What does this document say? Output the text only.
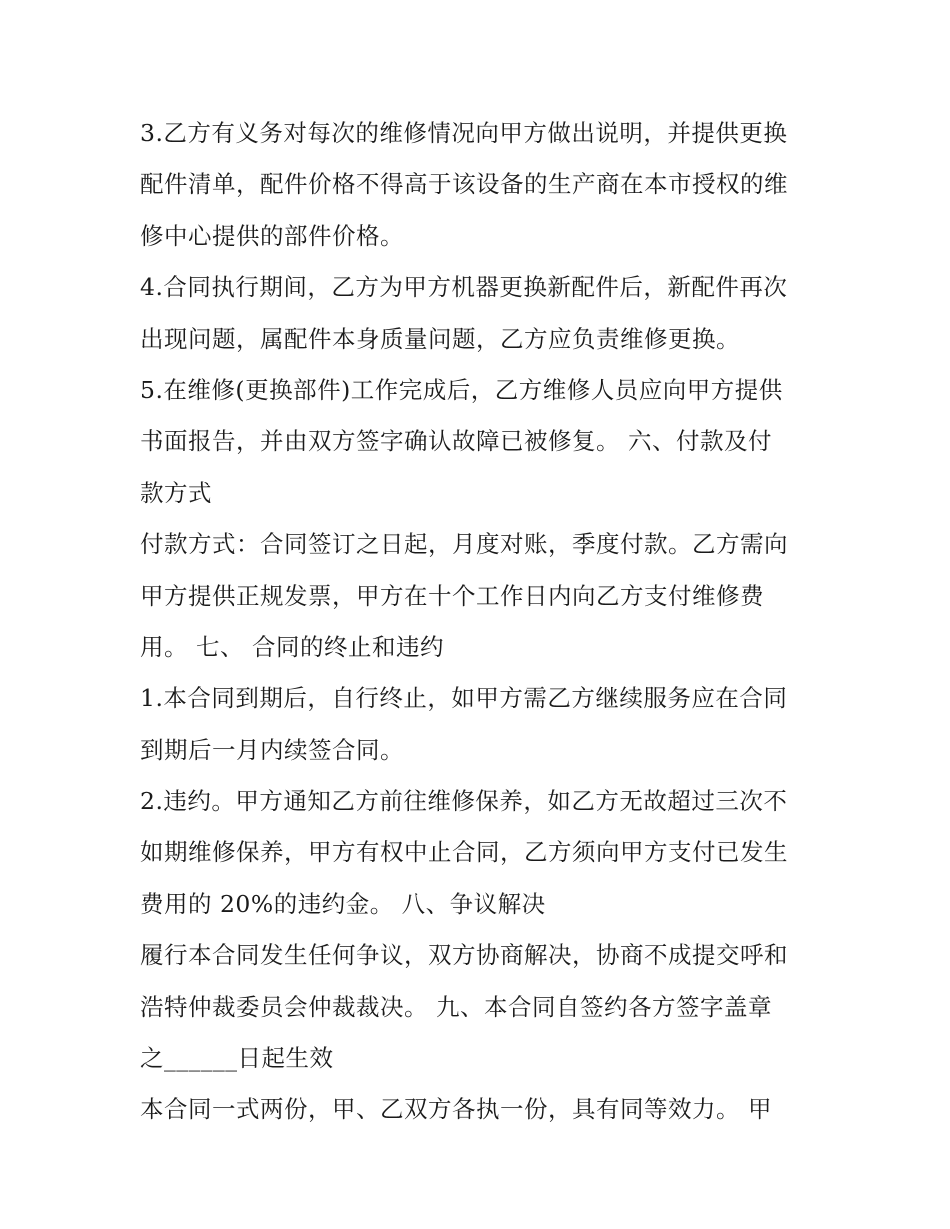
3.乙方有义务对每次的维修情况向甲方做出说明，并提供更换
配件清单，配件价格不得高于该设备的生产商在本市授权的维
修中心提供的部件价格。
4.合同执行期间，乙方为甲方机器更换新配件后，新配件再次
出现问题，属配件本身质量问题，乙方应负责维修更换。
5.在维修(更换部件)工作完成后，乙方维修人员应向甲方提供
书面报告，并由双方签字确认故障已被修复。 六、付款及付
款方式
付款方式：合同签订之日起，月度对账，季度付款。乙方需向
甲方提供正规发票，甲方在十个工作日内向乙方支付维修费
用。 七、 合同的终止和违约
1.本合同到期后，自行终止，如甲方需乙方继续服务应在合同
到期后一月内续签合同。
2.违约。甲方通知乙方前往维修保养，如乙方无故超过三次不
如期维修保养，甲方有权中止合同，乙方须向甲方支付已发生
费用的 20%的违约金。 八、争议解决
履行本合同发生任何争议，双方协商解决，协商不成提交呼和
浩特仲裁委员会仲裁裁决。 九、本合同自签约各方签字盖章
之______日起生效
本合同一式两份，甲、乙双方各执一份，具有同等效力。 甲
